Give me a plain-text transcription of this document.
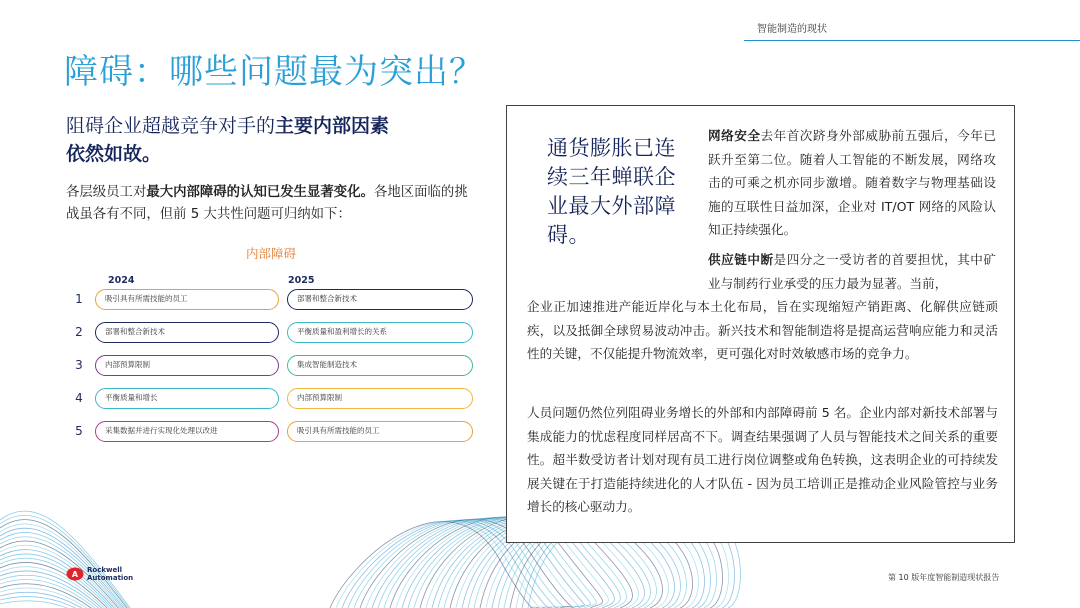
智能制造的现状
障碍：哪些问题最为突出？
阻碍企业超越竞争对手的主要内部因素
依然如故。
各层级员工对最大内部障碍的认知已发生显著变化。各地区面临的挑战虽各有不同，但前 5 大共性问题可归纳如下：
内部障碍
2024	2025
1	吸引具有所需技能的员工	部署和整合新技术
2	部署和整合新技术	平衡质量和盈利增长的关系
3	内部预算限制	集成智能制造技术
4	平衡质量和增长	内部预算限制
5	采集数据并进行实现化处理以改进	吸引具有所需技能的员工
通货膨胀已连续三年蝉联企业最大外部障碍。
网络安全去年首次跻身外部威胁前五强后，今年已跃升至第二位。随着人工智能的不断发展，网络攻击的可乘之机亦同步激增。随着数字与物理基础设施的互联性日益加深，企业对 IT/OT 网络的风险认知正持续强化。
供应链中断是四分之一受访者的首要担忧，其中矿业与制药行业承受的压力最为显著。当前，
企业正加速推进产能近岸化与本土化布局，旨在实现缩短产销距离、化解供应链顽疾，以及抵御全球贸易波动冲击。新兴技术和智能制造将是提高运营响应能力和灵活性的关键，不仅能提升物流效率，更可强化对时效敏感市场的竞争力。
人员问题仍然位列阻碍业务增长的外部和内部障碍前 5 名。企业内部对新技术部署与集成能力的忧虑程度同样居高不下。调查结果强调了人员与智能技术之间关系的重要性。超半数受访者计划对现有员工进行岗位调整或角色转换，这表明企业的可持续发展关键在于打造能持续进化的人才队伍 - 因为员工培训正是推动企业风险管控与业务增长的核心驱动力。
A Rockwell
Automation	第 10 版年度智能制造现状报告
